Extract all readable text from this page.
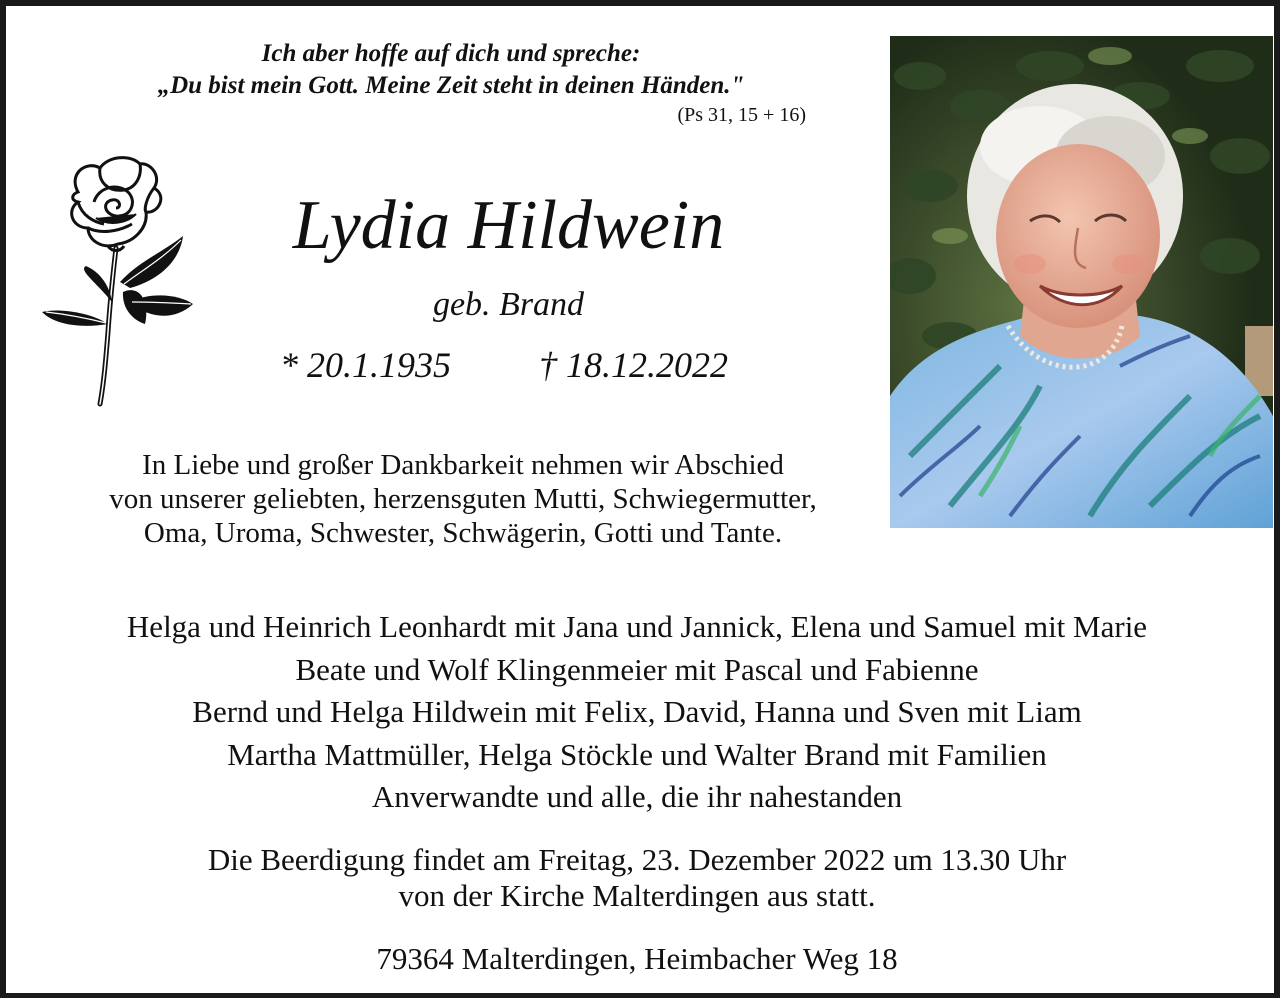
Ich aber hoffe auf dich und spreche:
„Du bist mein Gott. Meine Zeit steht in deinen Händen."
(Ps 31, 15 + 16)
Lydia Hildwein
geb. Brand
* 20.1.1935 † 18.12.2022
In Liebe und großer Dankbarkeit nehmen wir Abschied
von unserer geliebten, herzensguten Mutti, Schwiegermutter,
Oma, Uroma, Schwester, Schwägerin, Gotti und Tante.
Helga und Heinrich Leonhardt mit Jana und Jannick, Elena und Samuel mit Marie
Beate und Wolf Klingenmeier mit Pascal und Fabienne
Bernd und Helga Hildwein mit Felix, David, Hanna und Sven mit Liam
Martha Mattmüller, Helga Stöckle und Walter Brand mit Familien
Anverwandte und alle, die ihr nahestanden
Die Beerdigung findet am Freitag, 23. Dezember 2022 um 13.30 Uhr
von der Kirche Malterdingen aus statt.
79364 Malterdingen, Heimbacher Weg 18
